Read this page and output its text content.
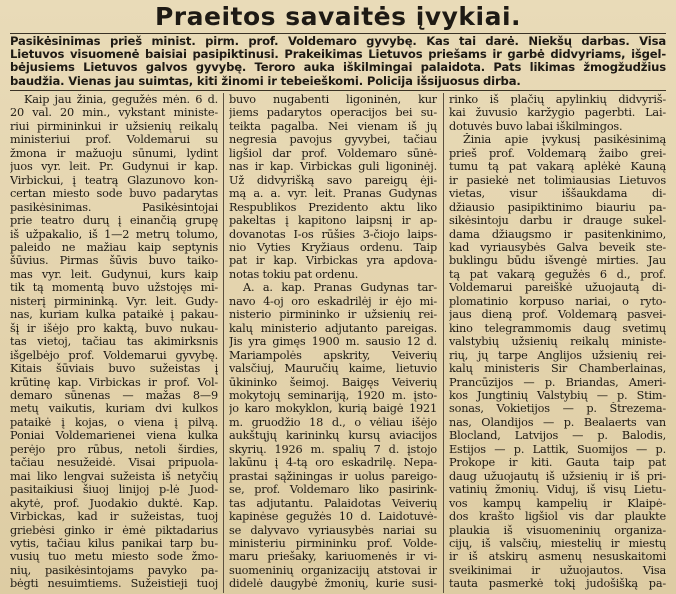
Praeitos savaitės įvykiai.
Pasikėsinimas prieš minist. pirm. prof. Voldemaro gyvybę. Kas tai darė. Niekšų darbas. Visa
Lietuvos visuomenė baisiai pasipiktinusi. Prakeikimas Lietuvos priešams ir garbė didvyriams, išgel-
bėjusiems Lietuvos galvos gyvybę. Teroro auka iškilmingai palaidota. Pats likimas žmogžudžius
baudžia. Vienas jau suimtas, kiti žinomi ir tebeieškomi. Policija išsijuosus dirba.
Kaip jau žinia, gegužės mėn. 6 d.
20 val. 20 min., vykstant ministe-
riui pirmininkui ir užsienių reikalų
ministeriui prof. Voldemarui su
žmona ir mažuoju sūnumi, lydint
juos vyr. leit. Pr. Gudynui ir kap.
Virbickui, į teatrą Glazunovo kon-
certan miesto sode buvo padarytas
pasikėsinimas. Pasikėsintojai
prie teatro durų į einančią grupę
iš užpakalio, iš 1—2 metrų tolumo,
paleido ne mažiau kaip septynis
šūvius. Pirmas šūvis buvo taiko-
mas vyr. leit. Gudynui, kurs kaip
tik tą momentą buvo užstojęs mi-
nisterį pirmininką. Vyr. leit. Gudy-
nas, kuriam kulka pataikė į pakau-
šį ir išėjo pro kaktą, buvo nukau-
tas vietoj, tačiau tas akimirksnis
išgelbėjo prof. Voldemarui gyvybę.
Kitais šūviais buvo sužeistas į
krūtinę kap. Virbickas ir prof. Vol-
demaro sūnenas — mažas 8—9
metų vaikutis, kuriam dvi kulkos
pataikė į kojas, o viena į pilvą.
Poniai Voldemarienei viena kulka
perėjo pro rūbus, netoli širdies,
tačiau nesužeidė. Visai pripuola-
mai liko lengvai sužeista iš netyčių
pasitaikiusi šiuoj linijoj p-lė Juod-
akytė, prof. Juodakio duktė. Kap.
Virbickas, kad ir sužeistas, tuoj
griebėsi ginko ir ėmė piktadarius
vytis, tačiau kilus panikai tarp bu-
vusių tuo metu miesto sode žmo-
nių, pasikėsintojams pavyko pa-
bėgti nesuimtiems. Sužeistieji tuoj
buvo nugabenti ligoninėn, kur
jiems padarytos operacijos bei su-
teikta pagalba. Nei vienam iš jų
negresia pavojus gyvybei, tačiau
ligšiol dar prof. Voldemaro sūnė-
nas ir kap. Virbickas guli ligoninėj.
Už didvyrišką savo pareigų ėji-
mą a. a. vyr. leit. Pranas Gudynas
Respublikos Prezidento aktu liko
pakeltas į kapitono laipsnį ir ap-
dovanotas I-os rūšies 3-čiojo laips-
nio Vyties Kryžiaus ordenu. Taip
pat ir kap. Virbickas yra apdova-
notas tokiu pat ordenu.
A. a. kap. Pranas Gudynas tar-
navo 4-oj oro eskadrilėj ir ėjo mi-
nisterio pirmininko ir užsienių rei-
kalų ministerio adjutanto pareigas.
Jis yra gimęs 1900 m. sausio 12 d.
Mariampolės apskrity, Veiverių
valsčiuj, Mauručių kaime, lietuvio
ūkininko šeimoj. Baigęs Veiverių
mokytojų seminariją, 1920 m. įsto-
jo karo mokyklon, kurią baigė 1921
m. gruodžio 18 d., o vėliau išėjo
aukštųjų karininkų kursų aviacijos
skyrių. 1926 m. spalių 7 d. įstojo
lakūnu į 4-tą oro eskadrilę. Nepa-
prastai sąžiningas ir uolus pareigo-
se, prof. Voldemaro liko pasirink-
tas adjutantu. Palaidotas Veiverių
kapinėse gegužės 10 d. Laidotuvė-
se dalyvavo vyriausybės nariai su
ministeriu pirmininku prof. Volde-
maru priešaky, kariuomenės ir vi-
suomeninių organizacijų atstovai ir
didelė daugybė žmonių, kurie susi-
rinko iš plačių apylinkių didvyriš-
kai žuvusio karžygio pagerbti. Lai-
dotuvės buvo labai iškilmingos.
Žinia apie įvykusį pasikėsinimą
prieš prof. Voldemarą žaibo grei-
tumu tą pat vakarą aplėkė Kauną
ir pasiekė net tolimiausias Lietuvos
vietas, visur iššaukdama di-
džiausio pasipiktinimo biauriu pa-
sikėsintoju darbu ir drauge sukel-
dama džiaugsmo ir pasitenkinimo,
kad vyriausybės Galva beveik ste-
buklingu būdu išvengė mirties. Jau
tą pat vakarą gegužės 6 d., prof.
Voldemarui pareiškė užuojautą di-
plomatinio korpuso nariai, o ryto-
jaus dieną prof. Voldemarą pasvei-
kino telegrammomis daug svetimų
valstybių užsienių reikalų ministe-
rių, jų tarpe Anglijos užsienių rei-
kalų ministeris Sir Chamberlainas,
Prancūzijos — p. Briandas, Ameri-
kos Jungtinių Valstybių — p. Stim-
sonas, Vokietijos — p. Štrezema-
nas, Olandijos — p. Bealaerts van
Blocland, Latvijos — p. Balodis,
Estijos — p. Lattik, Suomijos — p.
Prokope ir kiti. Gauta taip pat
daug užuojautų iš užsienių ir iš pri-
vatinių žmonių. Viduj, iš visų Lietu-
vos kampų kampelių ir Klaipė-
dos krašto ligšiol vis dar plaukte
plaukia iš visuomeninių organiza-
cijų, iš valsčių, miestelių ir miestų
ir iš atskirų asmenų nesuskaitomi
sveikinimai ir užuojautos. Visa
tauta pasmerkė tokį judošišką pa-
